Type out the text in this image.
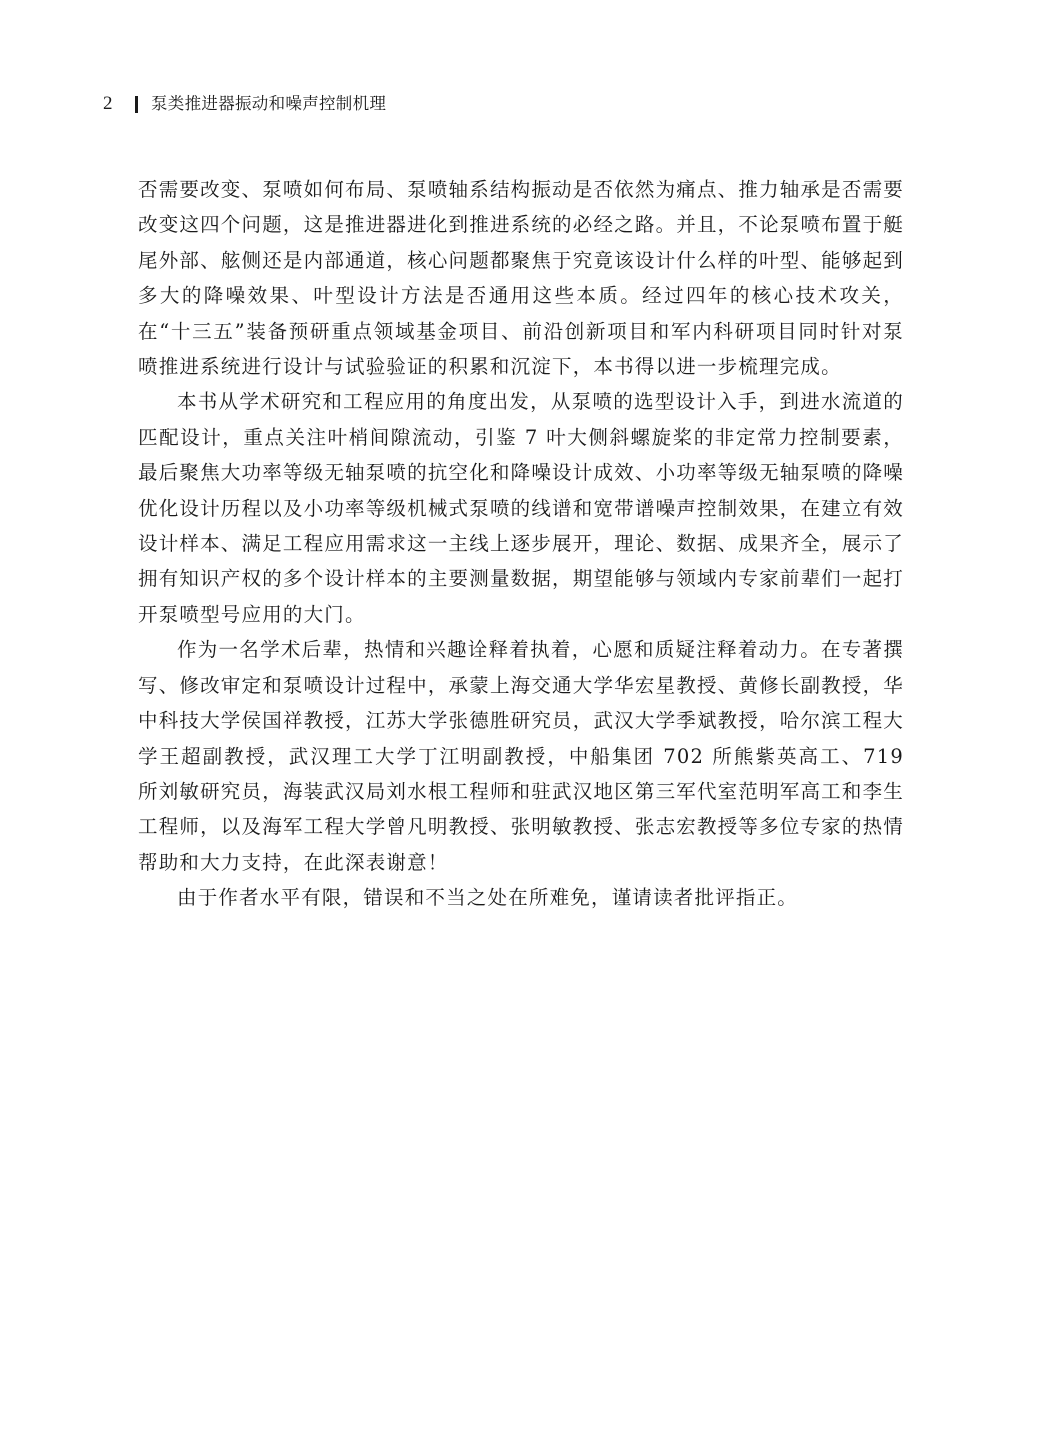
2	泵类推进器振动和噪声控制机理

否需要改变、泵喷如何布局、泵喷轴系结构振动是否依然为痛点、推力轴承是否需要改变这四个问题，这是推进器进化到推进系统的必经之路。并且，不论泵喷布置于艇尾外部、舷侧还是内部通道，核心问题都聚焦于究竟该设计什么样的叶型、能够起到多大的降噪效果、叶型设计方法是否通用这些本质。经过四年的核心技术攻关，在“十三五”装备预研重点领域基金项目、前沿创新项目和军内科研项目同时针对泵喷推进系统进行设计与试验验证的积累和沉淀下，本书得以进一步梳理完成。

本书从学术研究和工程应用的角度出发，从泵喷的选型设计入手，到进水流道的匹配设计，重点关注叶梢间隙流动，引鉴 7 叶大侧斜螺旋桨的非定常力控制要素，最后聚焦大功率等级无轴泵喷的抗空化和降噪设计成效、小功率等级无轴泵喷的降噪优化设计历程以及小功率等级机械式泵喷的线谱和宽带谱噪声控制效果，在建立有效设计样本、满足工程应用需求这一主线上逐步展开，理论、数据、成果齐全，展示了拥有知识产权的多个设计样本的主要测量数据，期望能够与领域内专家前辈们一起打开泵喷型号应用的大门。

作为一名学术后辈，热情和兴趣诠释着执着，心愿和质疑注释着动力。在专著撰写、修改审定和泵喷设计过程中，承蒙上海交通大学华宏星教授、黄修长副教授，华中科技大学侯国祥教授，江苏大学张德胜研究员，武汉大学季斌教授，哈尔滨工程大学王超副教授，武汉理工大学丁江明副教授，中船集团 702 所熊紫英高工、719 所刘敏研究员，海装武汉局刘水根工程师和驻武汉地区第三军代室范明军高工和李生工程师，以及海军工程大学曾凡明教授、张明敏教授、张志宏教授等多位专家的热情帮助和大力支持，在此深表谢意！

由于作者水平有限，错误和不当之处在所难免，谨请读者批评指正。
